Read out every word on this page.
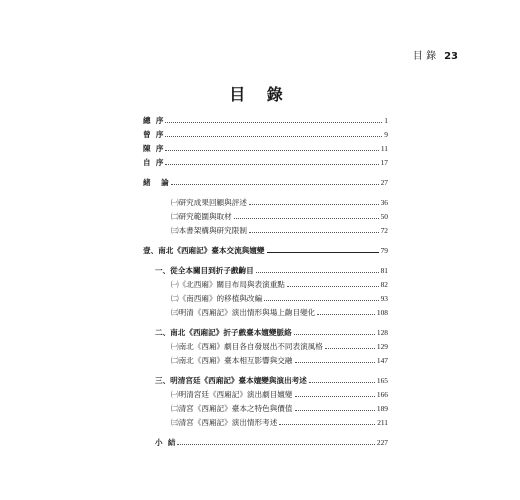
目 錄 23
目 錄
總  序	1
曾  序	9
陳  序	11
自  序	17
緒    論	27
㈠研究成果回顧與評述	36
㈡研究範圍與取材	50
㈢本書架構與研究限制	72
壹、南北《西廂記》臺本交流與嬗變	79
一、從全本關目到折子戲齣目	81
㈠《北西廂》關目布局與表演重點	82
㈡《南西廂》的移植與改編	93
㈢明清《西廂記》演出情形與場上齣目變化	108
二、南北《西廂記》折子戲臺本嬗變脈絡	128
㈠南北《西廂》劇目各自發展出不同表演風格	129
㈡南北《西廂》臺本相互影響與交融	147
三、明清宮廷《西廂記》臺本嬗變與演出考述	165
㈠明清宮廷《西廂記》演出劇目嬗變	166
㈡清宮《西廂記》臺本之特色與價值	189
㈢清宮《西廂記》演出情形考述	211
小  結	227
